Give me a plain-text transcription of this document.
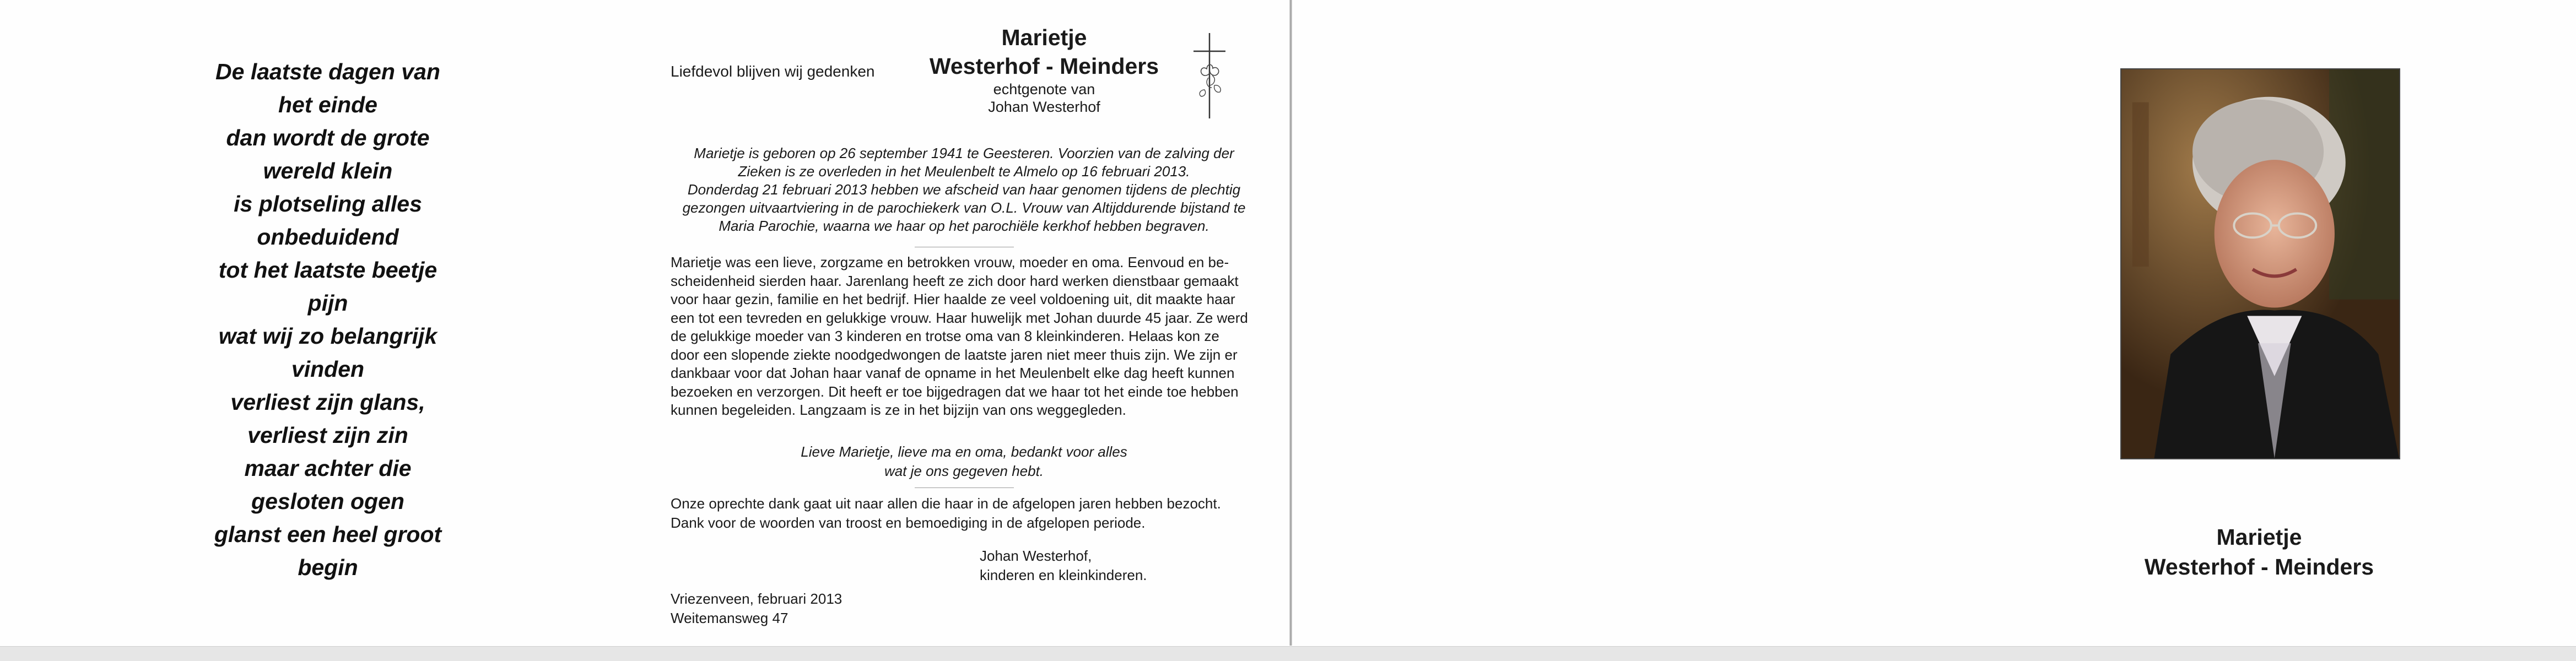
De laatste dagen van
het einde
dan wordt de grote
wereld klein
is plotseling alles
onbeduidend
tot het laatste beetje
pijn
wat wij zo belangrijk
vinden
verliest zijn glans,
verliest zijn zin
maar achter die
gesloten ogen
glanst een heel groot
begin
Liefdevol blijven wij gedenken
Marietje
Westerhof - Meinders
echtgenote van
Johan Westerhof
Marietje is geboren op 26 september 1941 te Geesteren. Voorzien van de zalving der
Zieken is ze overleden in het Meulenbelt te Almelo op 16 februari 2013.
Donderdag 21 februari 2013 hebben we afscheid van haar genomen tijdens de plechtig
gezongen uitvaartviering in de parochiekerk van O.L. Vrouw van Altijddurende bijstand te
Maria Parochie, waarna we haar op het parochiële kerkhof hebben begraven.
Marietje was een lieve, zorgzame en betrokken vrouw, moeder en oma. Eenvoud en be-
scheidenheid sierden haar. Jarenlang heeft ze zich door hard werken dienstbaar gemaakt
voor haar gezin, familie en het bedrijf. Hier haalde ze veel voldoening uit, dit maakte haar
een tot een tevreden en gelukkige vrouw. Haar huwelijk met Johan duurde 45 jaar. Ze werd
de gelukkige moeder van 3 kinderen en trotse oma van 8 kleinkinderen. Helaas kon ze
door een slopende ziekte noodgedwongen de laatste jaren niet meer thuis zijn. We zijn er
dankbaar voor dat Johan haar vanaf de opname in het Meulenbelt elke dag heeft kunnen
bezoeken en verzorgen. Dit heeft er toe bijgedragen dat we haar tot het einde toe hebben
kunnen begeleiden. Langzaam is ze in het bijzijn van ons weggegleden.
Lieve Marietje, lieve ma en oma, bedankt voor alles
wat je ons gegeven hebt.
Onze oprechte dank gaat uit naar allen die haar in de afgelopen jaren hebben bezocht.
Dank voor de woorden van troost en bemoediging in de afgelopen periode.
Johan Westerhof,
kinderen en kleinkinderen.
Vriezenveen, februari 2013
Weitemansweg 47
Marietje
Westerhof - Meinders
